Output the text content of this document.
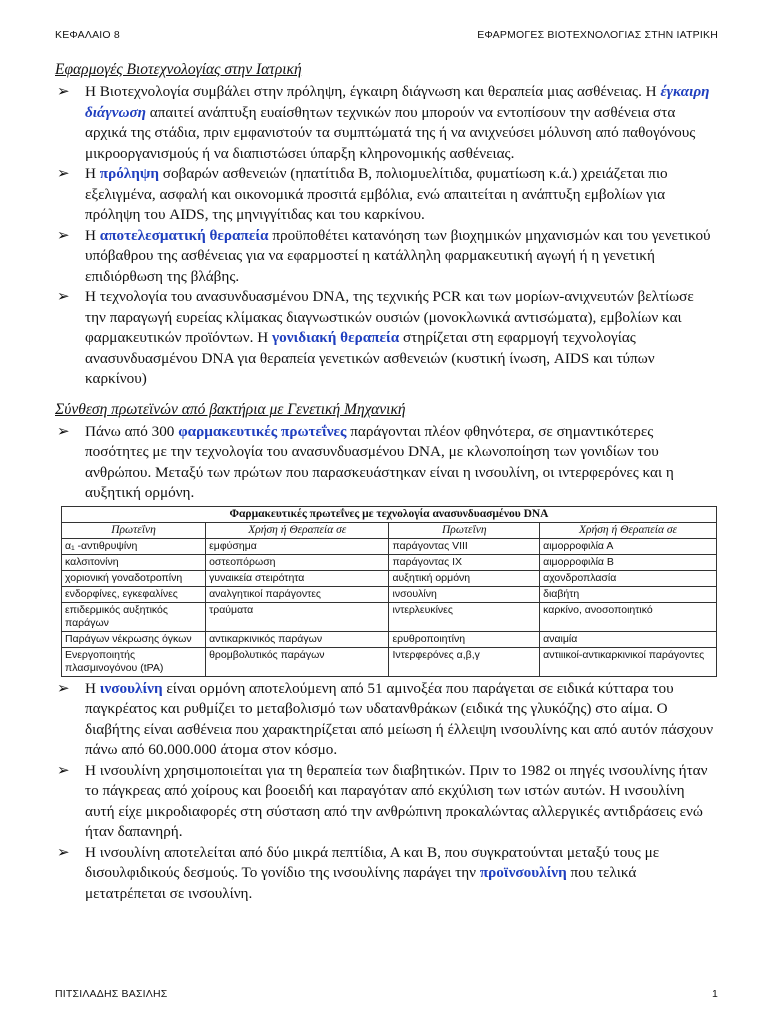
ΚΕΦΑΛΑΙΟ 8	ΕΦΑΡΜΟΓΕΣ ΒΙΟΤΕΧΝΟΛΟΓΙΑΣ ΣΤΗΝ ΙΑΤΡΙΚΗ
Εφαρμογές Βιοτεχνολογίας στην Ιατρική
➢ Η Βιοτεχνολογία συμβάλει στην πρόληψη, έγκαιρη διάγνωση και θεραπεία μιας ασθένειας. Η έγκαιρη διάγνωση απαιτεί ανάπτυξη ευαίσθητων τεχνικών που μπορούν να εντοπίσουν την ασθένεια στα αρχικά της στάδια, πριν εμφανιστούν τα συμπτώματά της ή να ανιχνεύσει μόλυνση από παθογόνους μικροοργανισμούς ή να διαπιστώσει ύπαρξη κληρονομικής ασθένειας.
➢ Η πρόληψη σοβαρών ασθενειών (ηπατίτιδα Β, πολιομυελίτιδα, φυματίωση κ.ά.) χρειάζεται πιο εξελιγμένα, ασφαλή και οικονομικά προσιτά εμβόλια, ενώ απαιτείται η ανάπτυξη εμβολίων για πρόληψη του AIDS, της μηνιγγίτιδας και του καρκίνου.
➢ Η αποτελεσματική θεραπεία προϋποθέτει κατανόηση των βιοχημικών μηχανισμών και του γενετικού υπόβαθρου της ασθένειας για να εφαρμοστεί η κατάλληλη φαρμακευτική αγωγή ή η γενετική επιδιόρθωση της βλάβης.
➢ Η τεχνολογία του ανασυνδυασμένου DNA, της τεχνικής PCR και των μορίων-ανιχνευτών βελτίωσε την παραγωγή ευρείας κλίμακας διαγνωστικών ουσιών (μονοκλωνικά αντισώματα), εμβολίων και φαρμακευτικών προϊόντων. Η γονιδιακή θεραπεία στηρίζεται στη εφαρμογή τεχνολογίας ανασυνδυασμένου DNA για θεραπεία γενετικών ασθενειών (κυστική ίνωση, AIDS και τύπων καρκίνου)
Σύνθεση πρωτεϊνών από βακτήρια με Γενετική Μηχανική
➢ Πάνω από 300 φαρμακευτικές πρωτεΐνες παράγονται πλέον φθηνότερα, σε σημαντικότερες ποσότητες με την τεχνολογία του ανασυνδυασμένου DNA, με κλωνοποίηση των γονιδίων του ανθρώπου. Μεταξύ των πρώτων που παρασκευάστηκαν είναι η ινσουλίνη, οι ιντερφερόνες και η αυξητική ορμόνη.
Φαρμακευτικές πρωτεΐνες με τεχνολογία ανασυνδυασμένου DNA			
Πρωτεΐνη	Χρήση ή Θεραπεία σε	Πρωτεΐνη	Χρήση ή Θεραπεία σε
α₁ -αντιθρυψίνη	εμφύσημα	παράγοντας VIII	αιμορροφιλία Α
καλσιτονίνη	οστεοπόρωση	παράγοντας IX	αιμορροφιλία Β
χοριονική γοναδοτροπίνη	γυναικεία στειρότητα	αυξητική ορμόνη	αχονδροπλασία
ενδορφίνες, εγκεφαλίνες	αναλγητικοί παράγοντες	ινσουλίνη	διαβήτη
επιδερμικός αυξητικός παράγων	τραύματα	ιντερλευκίνες	καρκίνο, ανοσοποιητικό
Παράγων νέκρωσης όγκων	αντικαρκινικός παράγων	ερυθροποιητίνη	αναιμία
Ενεργοποιητής πλασμινογόνου (tPA)	θρομβολυτικός παράγων	Ιντερφερόνες α,β,γ	αντιιικοί-αντικαρκινικοί παράγοντες
➢ Η ινσουλίνη είναι ορμόνη αποτελούμενη από 51 αμινοξέα που παράγεται σε ειδικά κύτταρα του παγκρέατος και ρυθμίζει το μεταβολισμό των υδατανθράκων (ειδικά της γλυκόζης) στο αίμα. Ο διαβήτης είναι ασθένεια που χαρακτηρίζεται από μείωση ή έλλειψη ινσουλίνης και από αυτόν πάσχουν πάνω από 60.000.000 άτομα στον κόσμο.
➢ Η ινσουλίνη χρησιμοποιείται για τη θεραπεία των διαβητικών. Πριν το 1982 οι πηγές ινσουλίνης ήταν το πάγκρεας από χοίρους και βοοειδή και παραγόταν από εκχύλιση των ιστών αυτών. Η ινσουλίνη αυτή είχε μικροδιαφορές στη σύσταση από την ανθρώπινη προκαλώντας αλλεργικές αντιδράσεις ενώ ήταν δαπανηρή.
➢ Η ινσουλίνη αποτελείται από δύο μικρά πεπτίδια, Α και Β, που συγκρατούνται μεταξύ τους με δισουλφιδικούς δεσμούς. Το γονίδιο της ινσουλίνης παράγει την προϊνσουλίνη που τελικά μετατρέπεται σε ινσουλίνη.
ΠΙΤΣΙΛΑΔΗΣ ΒΑΣΙΛΗΣ	1
